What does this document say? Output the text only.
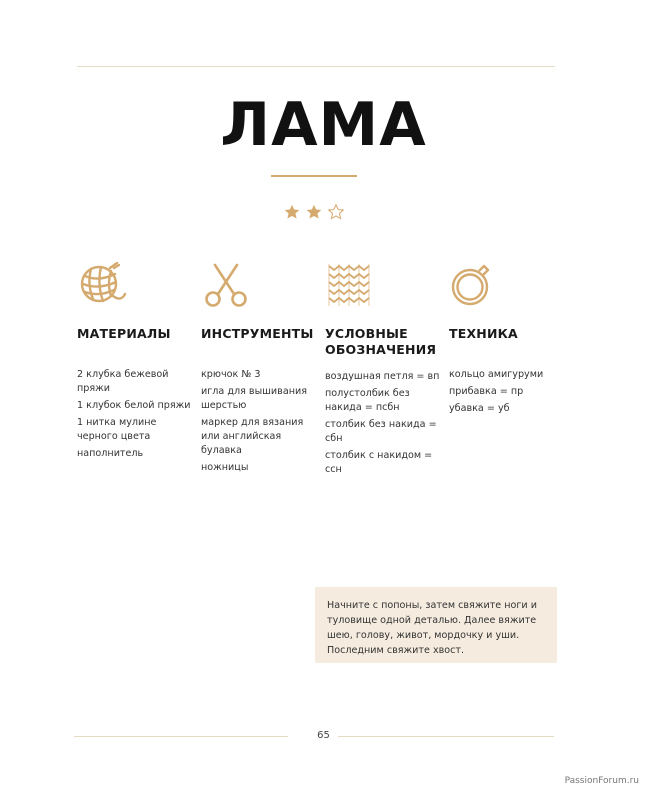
ЛАМА
МАТЕРИАЛЫ
2 клубка бежевой пряжи
1 клубок белой пряжи
1 нитка мулине черного цвета
наполнитель
ИНСТРУМЕНТЫ
крючок № 3
игла для вышивания шерстью
маркер для вязания или английская булавка
ножницы
УСЛОВНЫЕ ОБОЗНАЧЕНИЯ
воздушная петля = вп
полустолбик без накида = псбн
столбик без накида = сбн
столбик с накидом = ссн
ТЕХНИКА
кольцо амигуруми
прибавка = пр
убавка = уб
Начните с попоны, затем свяжите ноги и туловище одной деталью. Далее вяжите шею, голову, живот, мордочку и уши. Последним свяжите хвост.
65
PassionForum.ru
